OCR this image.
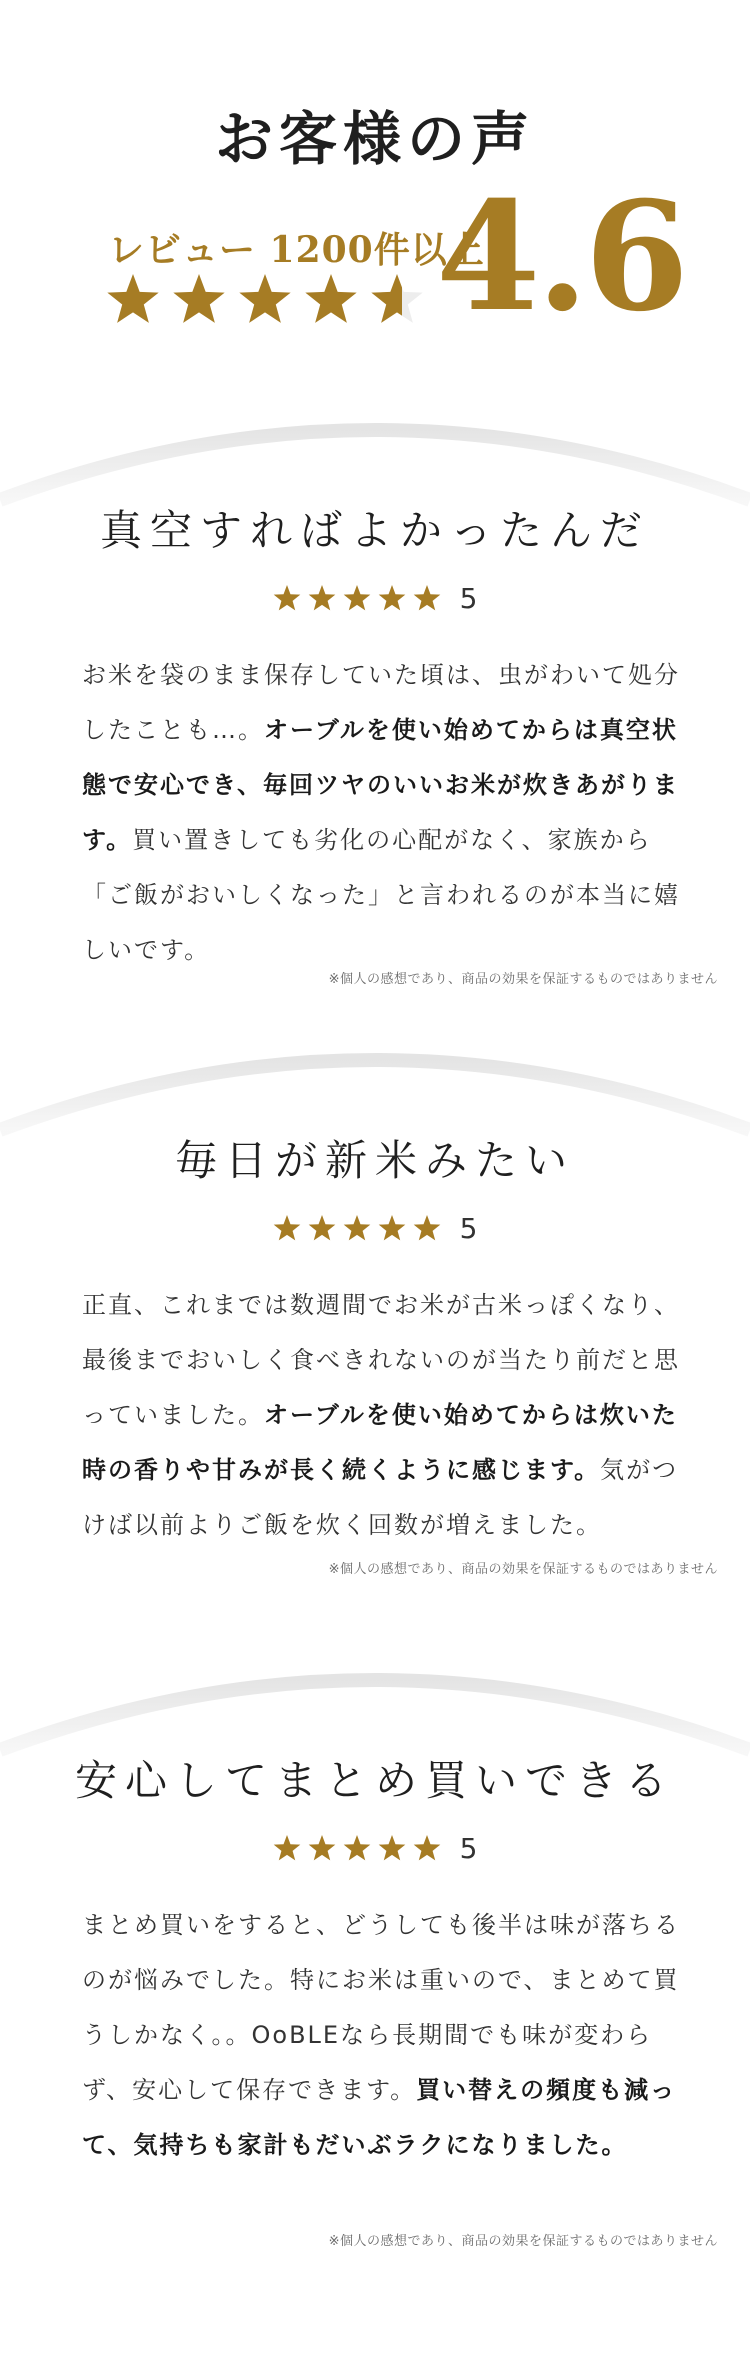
お客様の声
レビュー 1200件以上
4.6
真空すればよかったんだ
5
お米を袋のまま保存していた頃は、虫がわいて処分したことも…。オーブルを使い始めてからは真空状態で安心でき、毎回ツヤのいいお米が炊きあがります。買い置きしても劣化の心配がなく、家族から「ご飯がおいしくなった」と言われるのが本当に嬉しいです。
※個人の感想であり、商品の効果を保証するものではありません
毎日が新米みたい
5
正直、これまでは数週間でお米が古米っぽくなり、最後までおいしく食べきれないのが当たり前だと思っていました。オーブルを使い始めてからは炊いた時の香りや甘みが長く続くように感じます。気がつけば以前よりご飯を炊く回数が増えました。
※個人の感想であり、商品の効果を保証するものではありません
安心してまとめ買いできる
5
まとめ買いをすると、どうしても後半は味が落ちるのが悩みでした。特にお米は重いので、まとめて買うしかなく。。OoBLEなら長期間でも味が変わらず、安心して保存できます。買い替えの頻度も減って、気持ちも家計もだいぶラクになりました。
※個人の感想であり、商品の効果を保証するものではありません
